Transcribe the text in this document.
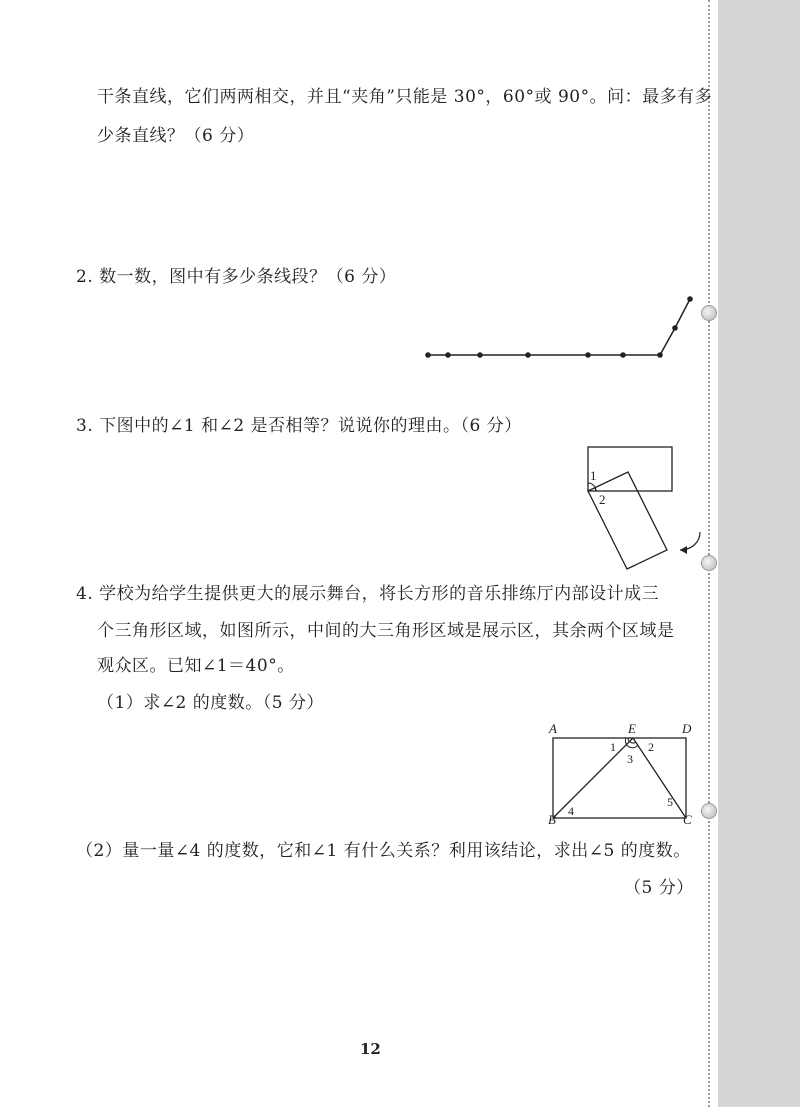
干条直线，它们两两相交，并且“夹角”只能是 30°，60°或 90°。问：最多有多
少条直线？（6 分）
2. 数一数，图中有多少条线段？（6 分）
3. 下图中的∠1 和∠2 是否相等？说说你的理由。（6 分）
1
2
4. 学校为给学生提供更大的展示舞台，将长方形的音乐排练厅内部设计成三
个三角形区域，如图所示，中间的大三角形区域是展示区，其余两个区域是
观众区。已知∠1＝40°。
（1）求∠2 的度数。（5 分）
A	E	D
B	C
1	2
3
4
5
（2）量一量∠4 的度数，它和∠1 有什么关系？利用该结论，求出∠5 的度数。
（5 分）
12
